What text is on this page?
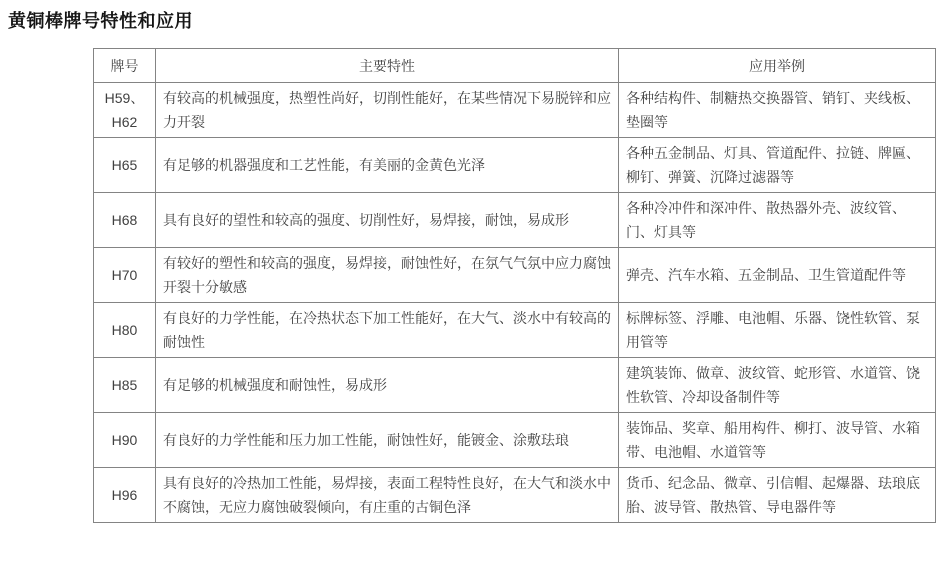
黄铜棒牌号特性和应用
牌号	主要特性	应用举例
H59、H62	有较高的机械强度，热塑性尚好，切削性能好，在某些情况下易脱锌和应力开裂	各种结构件、制糖热交换器管、销钉、夹线板、垫圈等
H65	有足够的机器强度和工艺性能，有美丽的金黄色光泽	各种五金制品、灯具、管道配件、拉链、牌匾、柳钉、弹簧、沉降过滤器等
H68	具有良好的望性和较高的强度、切削性好，易焊接，耐蚀，易成形	各种冷冲件和深冲件、散热器外壳、波纹管、门、灯具等
H70	有较好的塑性和较高的强度，易焊接，耐蚀性好，在氛气气氛中应力腐蚀开裂十分敏感	弹壳、汽车水箱、五金制品、卫生管道配件等
H80	有良好的力学性能，在冷热状态下加工性能好，在大气、淡水中有较高的耐蚀性	标牌标签、浮雕、电池帽、乐器、饶性软管、泵用管等
H85	有足够的机械强度和耐蚀性，易成形	建筑装饰、做章、波纹管、蛇形管、水道管、饶性软管、冷却设备制件等
H90	有良好的力学性能和压力加工性能，耐蚀性好，能镀金、涂敷珐琅	装饰品、奖章、船用构件、柳打、波导管、水箱带、电池帽、水道管等
H96	具有良好的冷热加工性能，易焊接，表面工程特性良好，在大气和淡水中不腐蚀，无应力腐蚀破裂倾向，有庄重的古铜色泽	货币、纪念品、微章、引信帽、起爆器、珐琅底胎、波导管、散热管、导电器件等
